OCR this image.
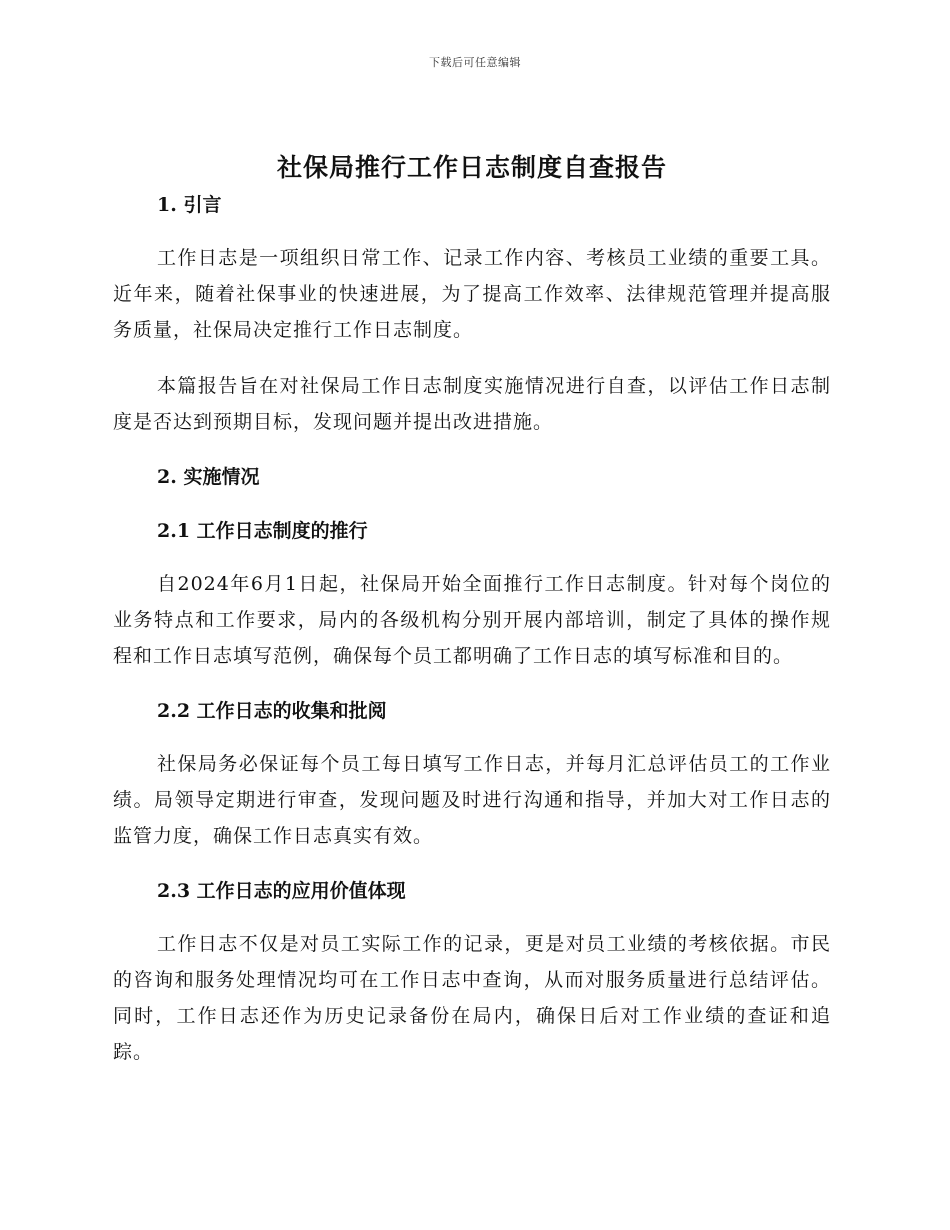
下载后可任意编辑
社保局推行工作日志制度自查报告
1. 引言

工作日志是一项组织日常工作、记录工作内容、考核员工业绩的重要工具。近年来，随着社保事业的快速进展，为了提高工作效率、法律规范管理并提高服务质量，社保局决定推行工作日志制度。

本篇报告旨在对社保局工作日志制度实施情况进行自查，以评估工作日志制度是否达到预期目标，发现问题并提出改进措施。

2. 实施情况
2.1 工作日志制度的推行

自2024年6月1日起，社保局开始全面推行工作日志制度。针对每个岗位的业务特点和工作要求，局内的各级机构分别开展内部培训，制定了具体的操作规程和工作日志填写范例，确保每个员工都明确了工作日志的填写标准和目的。

2.2 工作日志的收集和批阅

社保局务必保证每个员工每日填写工作日志，并每月汇总评估员工的工作业绩。局领导定期进行审查，发现问题及时进行沟通和指导，并加大对工作日志的监管力度，确保工作日志真实有效。

2.3 工作日志的应用价值体现

工作日志不仅是对员工实际工作的记录，更是对员工业绩的考核依据。市民的咨询和服务处理情况均可在工作日志中查询，从而对服务质量进行总结评估。同时，工作日志还作为历史记录备份在局内，确保日后对工作业绩的查证和追踪。
